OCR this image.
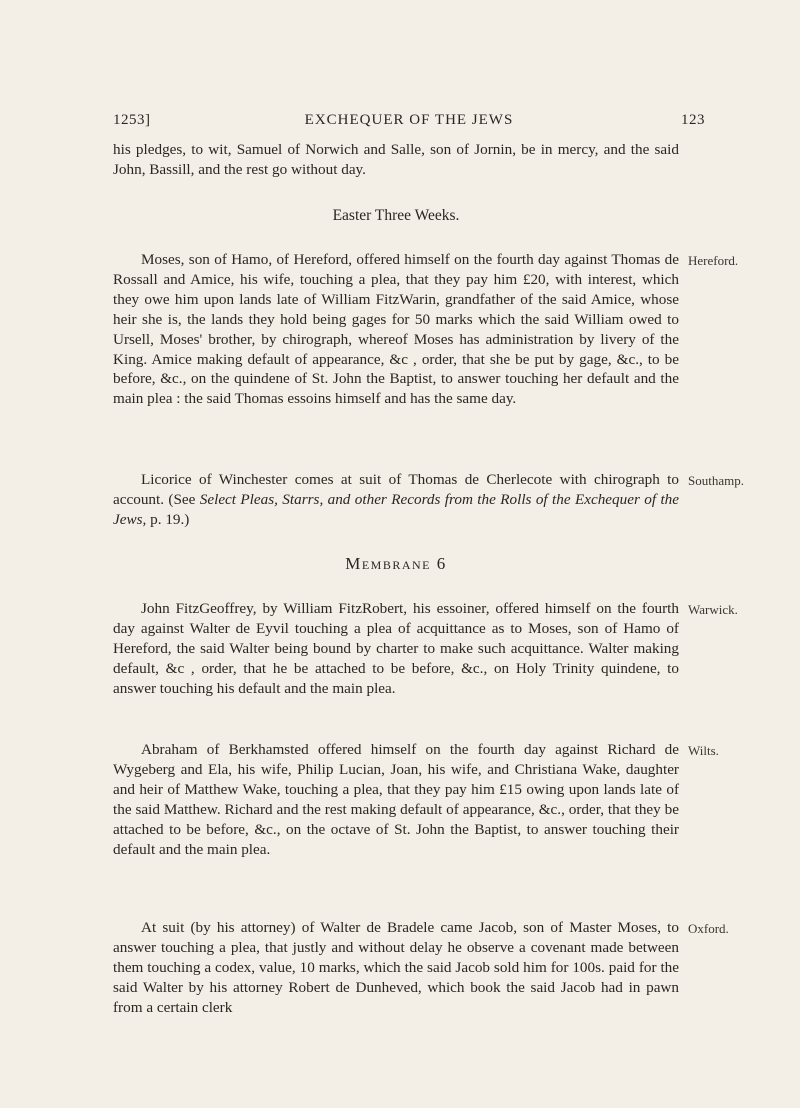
1253]	EXCHEQUER OF THE JEWS	123

his pledges, to wit, Samuel of Norwich and Salle, son of Jornin, be in mercy, and the said John, Bassill, and the rest go without day.

Easter Three Weeks.

Moses, son of Hamo, of Hereford, offered himself on the fourth day against Thomas de Rossall and Amice, his wife, touching a plea, that they pay him £20, with interest, which they owe him upon lands late of William FitzWarin, grandfather of the said Amice, whose heir she is, the lands they hold being gages for 50 marks which the said William owed to Ursell, Moses' brother, by chirograph, whereof Moses has administration by livery of the King. Amice making default of appearance, &c , order, that she be put by gage, &c., to be before, &c., on the quindene of St. John the Baptist, to answer touching her default and the main plea : the said Thomas essoins himself and has the same day.

Hereford.

Licorice of Winchester comes at suit of Thomas de Cherlecote with chirograph to account. (See Select Pleas, Starrs, and other Records from the Rolls of the Exchequer of the Jews, p. 19.)

Southamp.

Membrane 6

John FitzGeoffrey, by William FitzRobert, his essoiner, offered himself on the fourth day against Walter de Eyvil touching a plea of acquittance as to Moses, son of Hamo of Hereford, the said Walter being bound by charter to make such acquittance. Walter making default, &c , order, that he be attached to be before, &c., on Holy Trinity quindene, to answer touching his default and the main plea.

Warwick.

Abraham of Berkhamsted offered himself on the fourth day against Richard de Wygeberg and Ela, his wife, Philip Lucian, Joan, his wife, and Christiana Wake, daughter and heir of Matthew Wake, touching a plea, that they pay him £15 owing upon lands late of the said Matthew. Richard and the rest making default of appearance, &c., order, that they be attached to be before, &c., on the octave of St. John the Baptist, to answer touching their default and the main plea.

Wilts.

At suit (by his attorney) of Walter de Bradele came Jacob, son of Master Moses, to answer touching a plea, that justly and without delay he observe a covenant made between them touching a codex, value, 10 marks, which the said Jacob sold him for 100s. paid for the said Walter by his attorney Robert de Dunheved, which book the said Jacob had in pawn from a certain clerk

Oxford.
